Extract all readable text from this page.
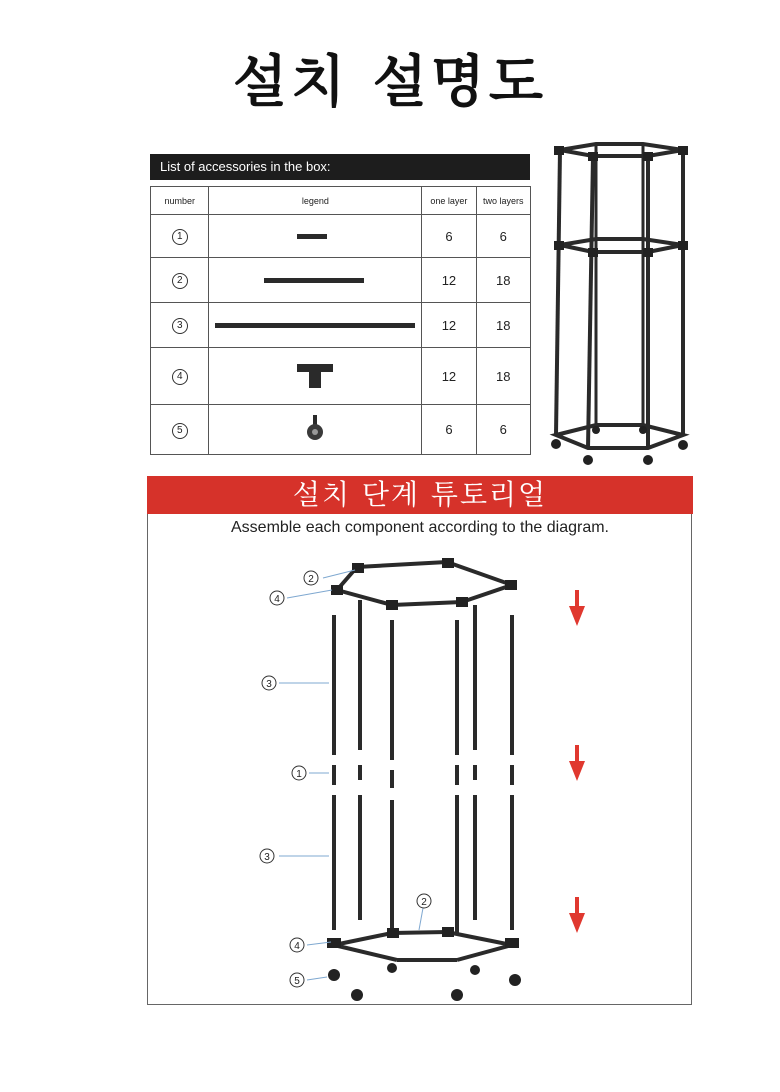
설치 설명도
List of accessories in the box:
number	legend	one layer	two layers
1		6	6
2		12	18
3		12	18
4		12	18
5		6	6
설치 단계 튜토리얼
Assemble each component according to the diagram.
2
4
3
1
3
2
4
5
